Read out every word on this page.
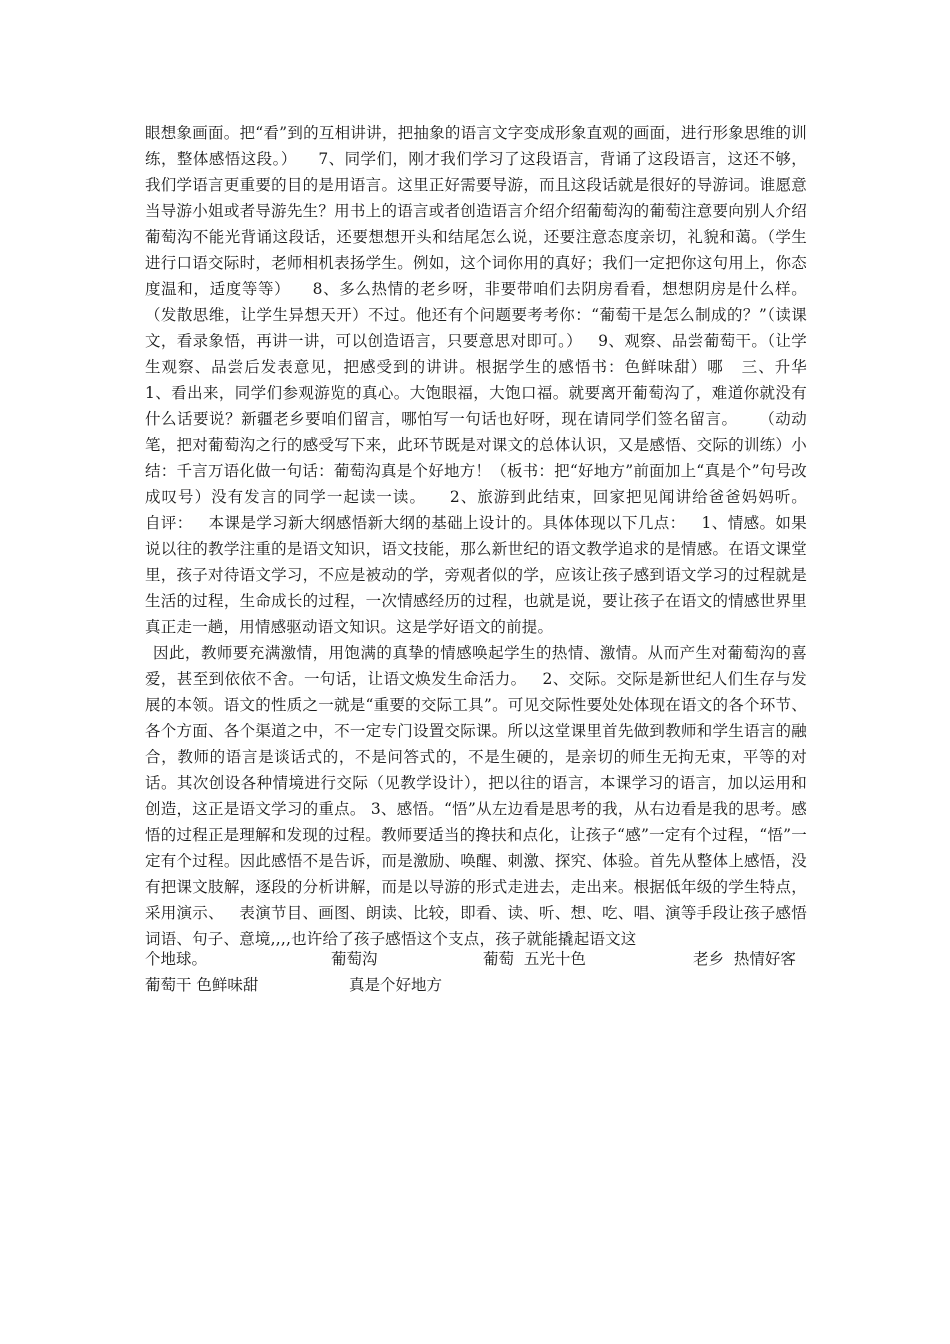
眼想象画面。把“看”到的互相讲讲，把抽象的语言文字变成形象直观的画面，进行形象思维的训练，整体感悟这段。）    7、同学们，刚才我们学习了这段语言，背诵了这段语言，这还不够，我们学语言更重要的目的是用语言。这里正好需要导游，而且这段话就是很好的导游词。谁愿意当导游小姐或者导游先生？用书上的语言或者创造语言介绍介绍葡萄沟的葡萄注意要向别人介绍葡萄沟不能光背诵这段话，还要想想开头和结尾怎么说，还要注意态度亲切，礼貌和蔼。（学生进行口语交际时，老师相机表扬学生。例如，这个词你用的真好；我们一定把你这句用上，你态度温和，适度等等）    8、多么热情的老乡呀，非要带咱们去阴房看看，想想阴房是什么样。（发散思维，让学生异想天开）不过。他还有个问题要考考你：“葡萄干是怎么制成的？”（读课文，看录象悟，再讲一讲，可以创造语言，只要意思对即可。）   9、观察、品尝葡萄干。（让学生观察、品尝后发表意见，把感受到的讲讲。根据学生的感悟书：色鲜味甜）哪   三、升华    1、看出来，同学们参观游览的真心。大饱眼福，大饱口福。就要离开葡萄沟了，难道你就没有什么话要说？新疆老乡要咱们留言，哪怕写一句话也好呀，现在请同学们签名留言。    （动动笔，把对葡萄沟之行的感受写下来，此环节既是对课文的总体认识，又是感悟、交际的训练）小结：千言万语化做一句话：葡萄沟真是个好地方！（板书：把“好地方”前面加上“真是个”句号改成叹号）没有发言的同学一起读一读。    2、旅游到此结束，回家把见闻讲给爸爸妈妈听。     自评：   本课是学习新大纲感悟新大纲的基础上设计的。具体体现以下几点：   1、情感。如果说以往的教学注重的是语文知识，语文技能，那么新世纪的语文教学追求的是情感。在语文课堂里，孩子对待语文学习，不应是被动的学，旁观者似的学，应该让孩子感到语文学习的过程就是生活的过程，生命成长的过程，一次情感经历的过程，也就是说，要让孩子在语文的情感世界里真正走一趟，用情感驱动语文知识。这是学好语文的前提。

因此，教师要充满激情，用饱满的真挚的情感唤起学生的热情、激情。从而产生对葡萄沟的喜爱，甚至到依依不舍。一句话，让语文焕发生命活力。   2、交际。交际是新世纪人们生存与发展的本领。语文的性质之一就是“重要的交际工具”。可见交际性要处处体现在语文的各个环节、各个方面、各个渠道之中，不一定专门设置交际课。所以这堂课里首先做到教师和学生语言的融合，教师的语言是谈话式的，不是问答式的，不是生硬的，是亲切的师生无拘无束，平等的对话。其次创设各种情境进行交际（见教学设计），把以往的语言，本课学习的语言，加以运用和创造，这正是语文学习的重点。 3、感悟。“悟”从左边看是思考的我，从右边看是我的思考。感悟的过程正是理解和发现的过程。教师要适当的搀扶和点化，让孩子“感”一定有个过程，“悟”一定有个过程。因此感悟不是告诉，而是激励、唤醒、刺激、探究、体验。首先从整体上感悟，没有把课文肢解，逐段的分析讲解，而是以导游的形式走进去，走出来。根据低年级的学生特点，采用演示、   表演节目、画图、朗读、比较，即看、读、听、想、吃、唱、演等手段让孩子感悟词语、句子、意境,,,,也许给了孩子感悟这个支点，孩子就能撬起语文这

个地球。

	葡萄沟

	葡萄  五光十色

	老乡  热情好客

葡萄干 色鲜味甜

	真是个好地方
